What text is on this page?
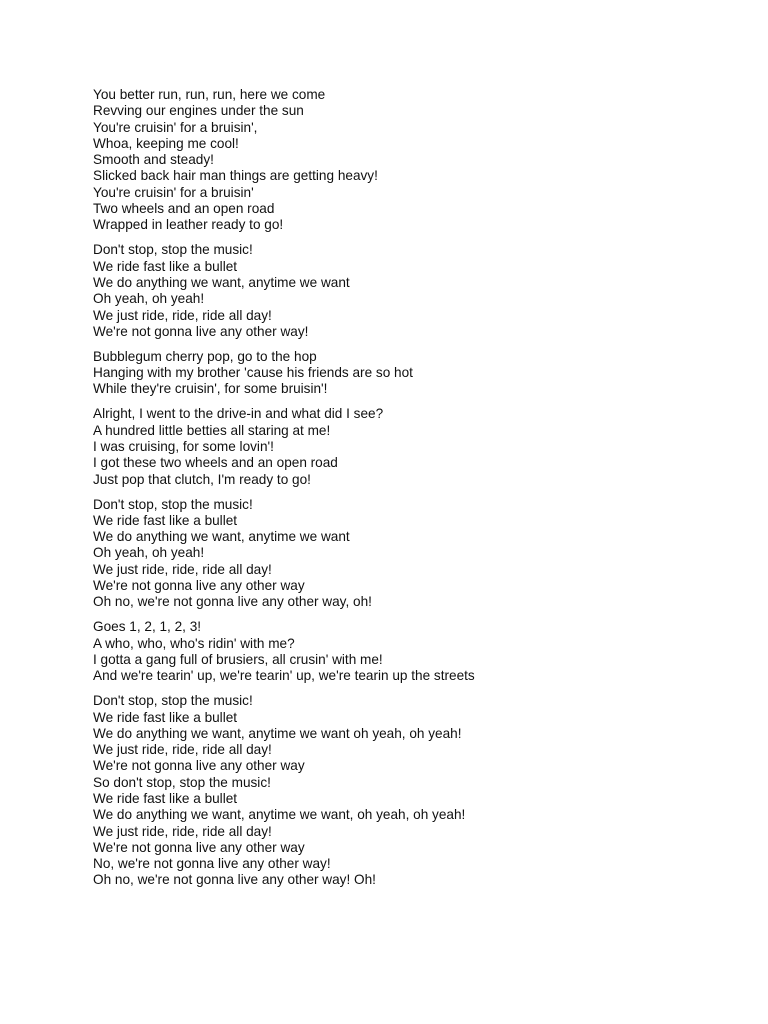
You better run, run, run, here we come
Revving our engines under the sun
You're cruisin' for a bruisin',
Whoa, keeping me cool!
Smooth and steady!
Slicked back hair man things are getting heavy!
You're cruisin' for a bruisin'
Two wheels and an open road
Wrapped in leather ready to go!
Don't stop, stop the music!
We ride fast like a bullet
We do anything we want, anytime we want
Oh yeah, oh yeah!
We just ride, ride, ride all day!
We're not gonna live any other way!
Bubblegum cherry pop, go to the hop
Hanging with my brother 'cause his friends are so hot
While they're cruisin', for some bruisin'!
Alright, I went to the drive-in and what did I see?
A hundred little betties all staring at me!
I was cruising, for some lovin'!
I got these two wheels and an open road
Just pop that clutch, I'm ready to go!
Don't stop, stop the music!
We ride fast like a bullet
We do anything we want, anytime we want
Oh yeah, oh yeah!
We just ride, ride, ride all day!
We're not gonna live any other way
Oh no, we're not gonna live any other way, oh!
Goes 1, 2, 1, 2, 3!
A who, who, who's ridin' with me?
I gotta a gang full of brusiers, all crusin' with me!
And we're tearin' up, we're tearin' up, we're tearin up the streets
Don't stop, stop the music!
We ride fast like a bullet
We do anything we want, anytime we want oh yeah, oh yeah!
We just ride, ride, ride all day!
We're not gonna live any other way
So don't stop, stop the music!
We ride fast like a bullet
We do anything we want, anytime we want, oh yeah, oh yeah!
We just ride, ride, ride all day!
We're not gonna live any other way
No, we're not gonna live any other way!
Oh no, we're not gonna live any other way! Oh!
